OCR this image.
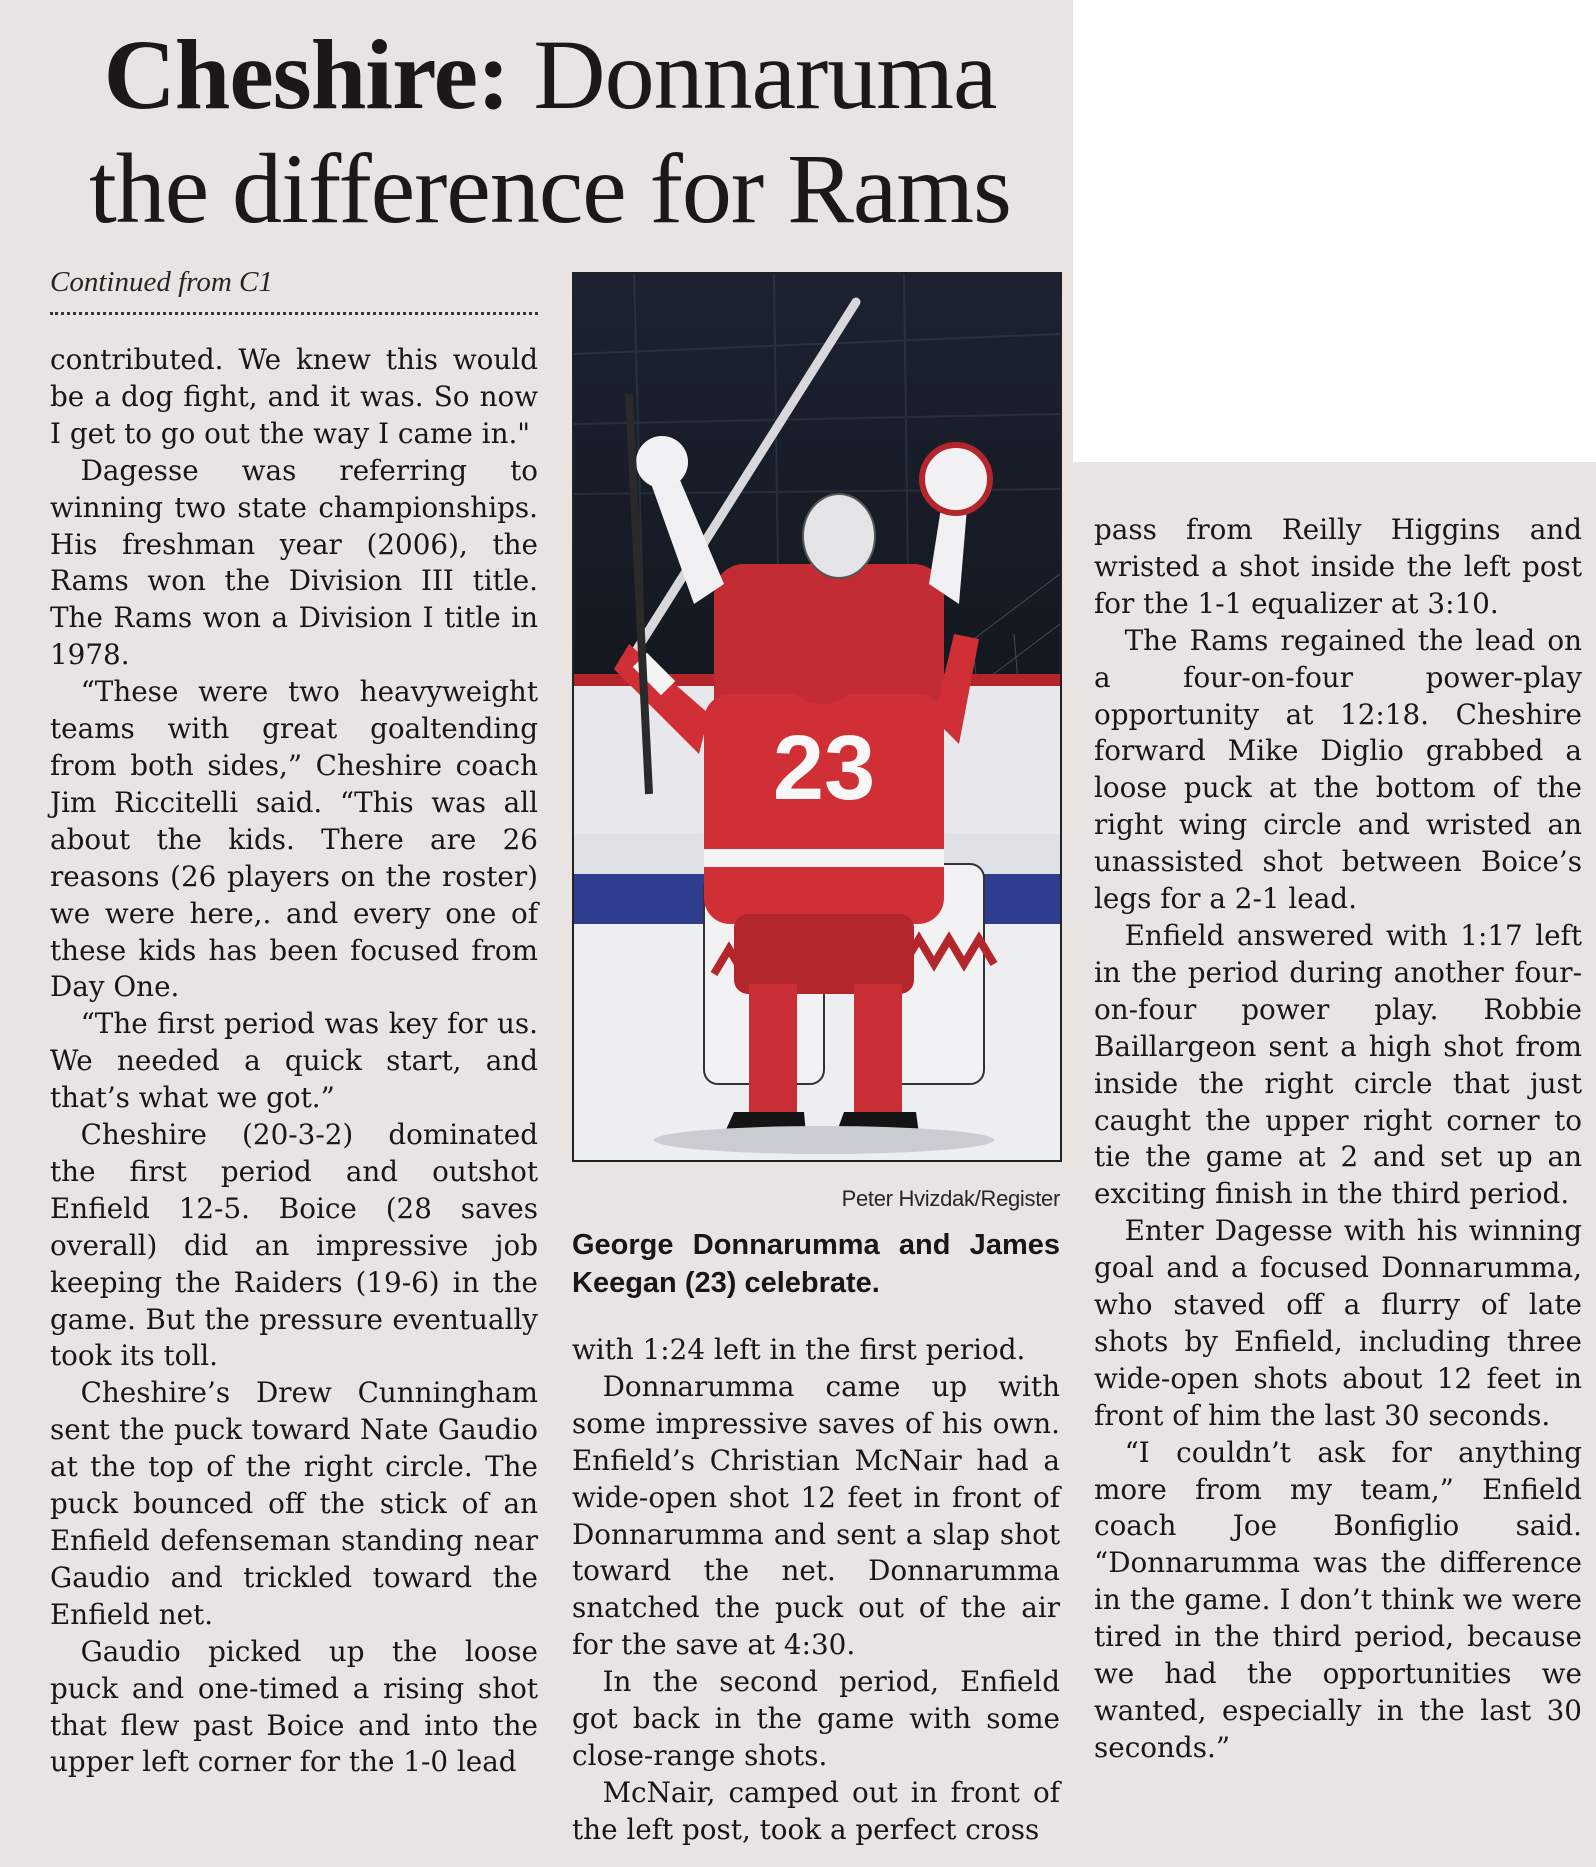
Cheshire: Donnaruma
the difference for Rams
Continued from C1

contributed. We knew this would be a dog fight, and it was. So now I get to go out the way I came in."

Dagesse was referring to winning two state championships. His freshman year (2006), the Rams won the Division III title. The Rams won a Division I title in 1978.

“These were two heavyweight teams with great goaltending from both sides,” Cheshire coach Jim Riccitelli said. “This was all about the kids. There are 26 reasons (26 players on the roster) we were here,. and every one of these kids has been focused from Day One.

“The first period was key for us. We needed a quick start, and that’s what we got.”

Cheshire (20-3-2) dominated the first period and outshot Enfield 12-5. Boice (28 saves overall) did an impressive job keeping the Raiders (19-6) in the game. But the pressure eventually took its toll.

Cheshire’s Drew Cunningham sent the puck toward Nate Gaudio at the top of the right circle. The puck bounced off the stick of an Enfield defenseman standing near Gaudio and trickled toward the Enfield net.

Gaudio picked up the loose puck and one-timed a rising shot that flew past Boice and into the upper left corner for the 1-0 lead

23

Peter Hvizdak/Register

George Donnarumma and James Keegan (23) celebrate.

with 1:24 left in the first period.

Donnarumma came up with some impressive saves of his own. Enfield’s Christian McNair had a wide-open shot 12 feet in front of Donnarumma and sent a slap shot toward the net. Donnarumma snatched the puck out of the air for the save at 4:30.

In the second period, Enfield got back in the game with some close-range shots.

McNair, camped out in front of the left post, took a perfect cross

pass from Reilly Higgins and wristed a shot inside the left post for the 1-1 equalizer at 3:10.

The Rams regained the lead on a four-on-four power-play opportunity at 12:18. Cheshire forward Mike Diglio grabbed a loose puck at the bottom of the right wing circle and wristed an unassisted shot between Boice’s legs for a 2-1 lead.

Enfield answered with 1:17 left in the period during another four-on-four power play. Robbie Baillargeon sent a high shot from inside the right circle that just caught the upper right corner to tie the game at 2 and set up an exciting finish in the third period.

Enter Dagesse with his winning goal and a focused Donnarumma, who staved off a flurry of late shots by Enfield, including three wide-open shots about 12 feet in front of him the last 30 seconds.

“I couldn’t ask for anything more from my team,” Enfield coach Joe Bonfiglio said. “Donnarumma was the difference in the game. I don’t think we were tired in the third period, because we had the opportunities we wanted, especially in the last 30 seconds.”
